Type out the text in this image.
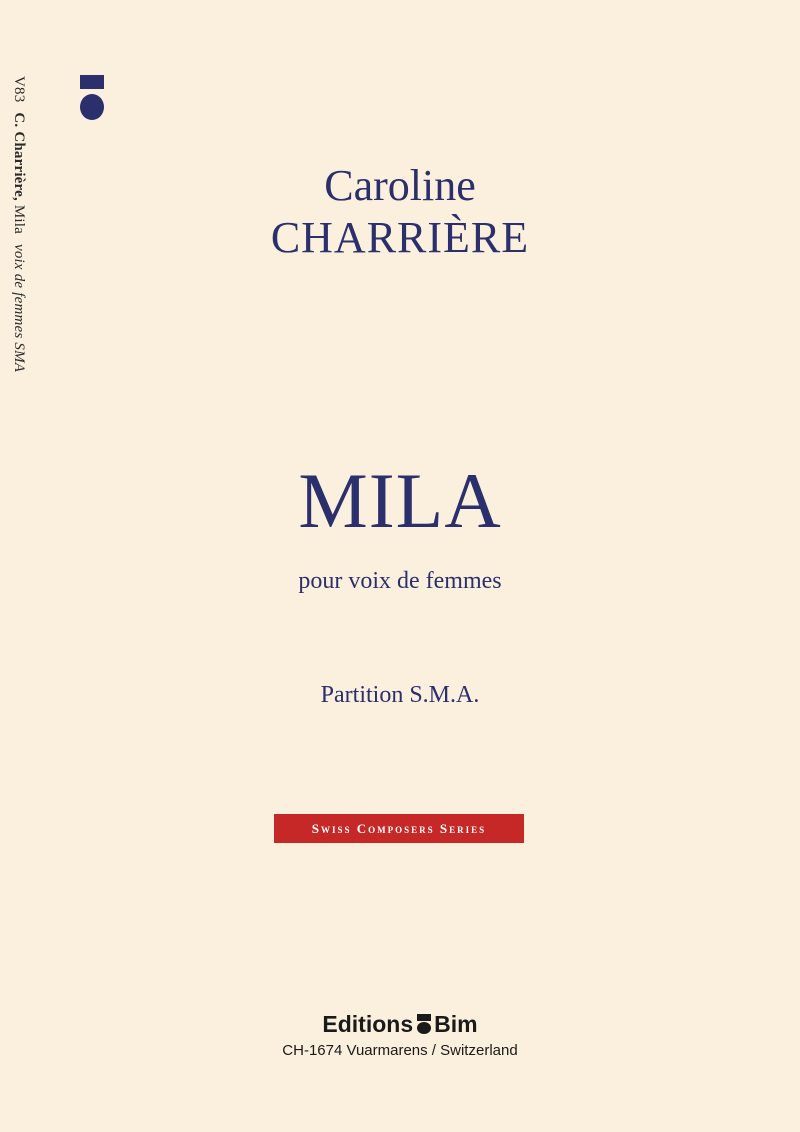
V83 C. Charrière, Mila voix de femmes SMA
Caroline
CHARRIÈRE
MILA
pour voix de femmes
Partition S.M.A.
Swiss Composers Series
Editions Bim
CH-1674 Vuarmarens / Switzerland
